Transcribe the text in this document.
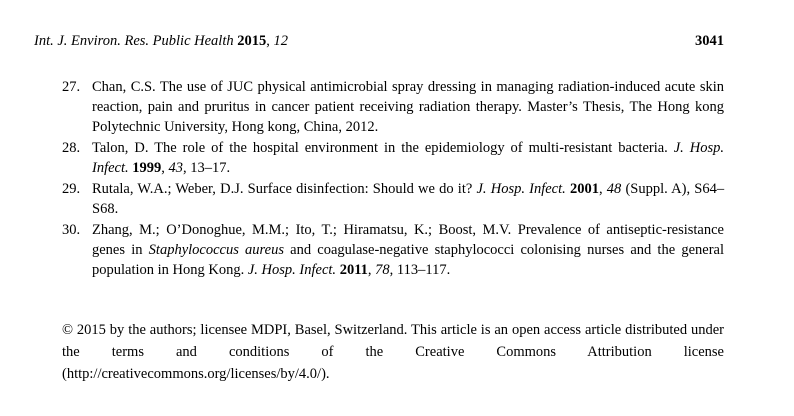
Int. J. Environ. Res. Public Health 2015, 12	3041
27. Chan, C.S. The use of JUC physical antimicrobial spray dressing in managing radiation-induced acute skin reaction, pain and pruritus in cancer patient receiving radiation therapy. Master’s Thesis, The Hong kong Polytechnic University, Hong kong, China, 2012.
28. Talon, D. The role of the hospital environment in the epidemiology of multi-resistant bacteria. J. Hosp. Infect. 1999, 43, 13–17.
29. Rutala, W.A.; Weber, D.J. Surface disinfection: Should we do it? J. Hosp. Infect. 2001, 48 (Suppl. A), S64–S68.
30. Zhang, M.; O’Donoghue, M.M.; Ito, T.; Hiramatsu, K.; Boost, M.V. Prevalence of antiseptic-resistance genes in Staphylococcus aureus and coagulase-negative staphylococci colonising nurses and the general population in Hong Kong. J. Hosp. Infect. 2011, 78, 113–117.
© 2015 by the authors; licensee MDPI, Basel, Switzerland. This article is an open access article distributed under the terms and conditions of the Creative Commons Attribution license (http://creativecommons.org/licenses/by/4.0/).
